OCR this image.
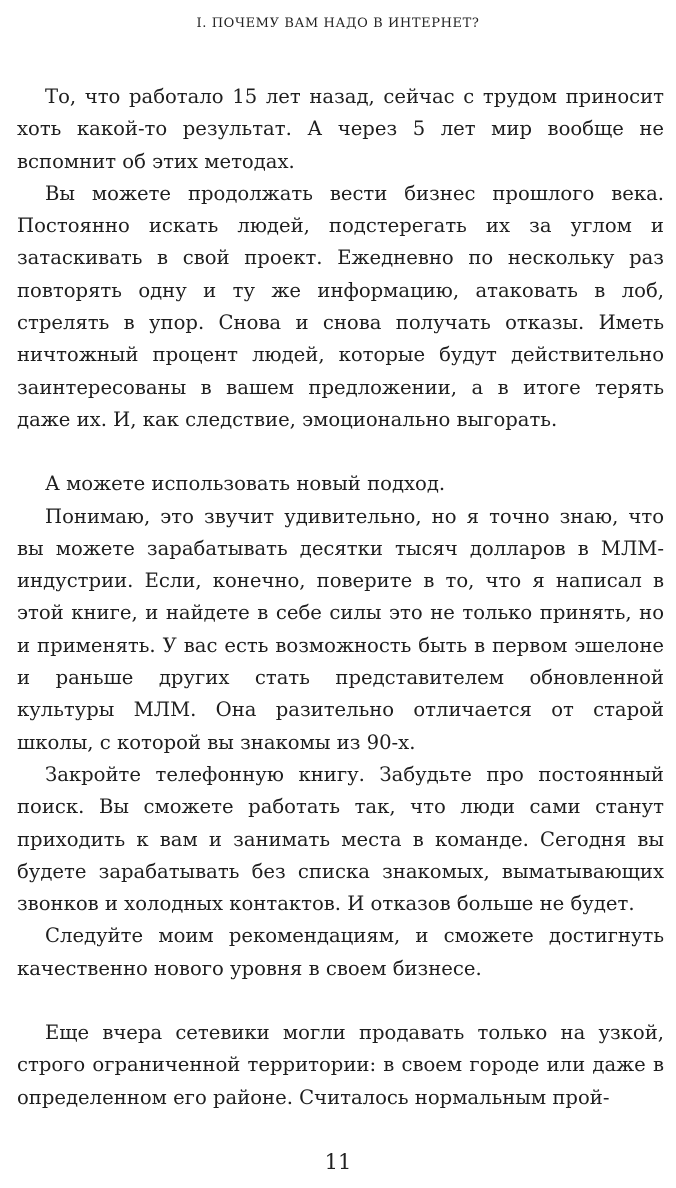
I. ПОЧЕМУ ВАМ НАДО В ИНТЕРНЕТ?

То, что работало 15 лет назад, сейчас с трудом приносит хоть какой-то результат. А через 5 лет мир вообще не вспомнит об этих методах.

Вы можете продолжать вести бизнес прошлого века. Постоянно искать людей, подстерегать их за углом и затаскивать в свой проект. Ежедневно по нескольку раз повторять одну и ту же информацию, атаковать в лоб, стрелять в упор. Снова и снова получать отказы. Иметь ничтожный процент людей, которые будут действительно заинтересованы в вашем предложении, а в итоге терять даже их. И, как следствие, эмоционально выгорать.

А можете использовать новый подход.

Понимаю, это звучит удивительно, но я точно знаю, что вы можете зарабатывать десятки тысяч долларов в МЛМ-индустрии. Если, конечно, поверите в то, что я написал в этой книге, и найдете в себе силы это не только принять, но и применять. У вас есть возможность быть в первом эшелоне и раньше других стать представителем обновленной культуры МЛМ. Она разительно отличается от старой школы, с которой вы знакомы из 90-х.

Закройте телефонную книгу. Забудьте про постоянный поиск. Вы сможете работать так, что люди сами станут приходить к вам и занимать места в команде. Сегодня вы будете зарабатывать без списка знакомых, выматывающих звонков и холодных контактов. И отказов больше не будет.

Следуйте моим рекомендациям, и сможете достигнуть качественно нового уровня в своем бизнесе.

Еще вчера сетевики могли продавать только на узкой, строго ограниченной территории: в своем городе или даже в определенном его районе. Считалось нормальным прой-

11
